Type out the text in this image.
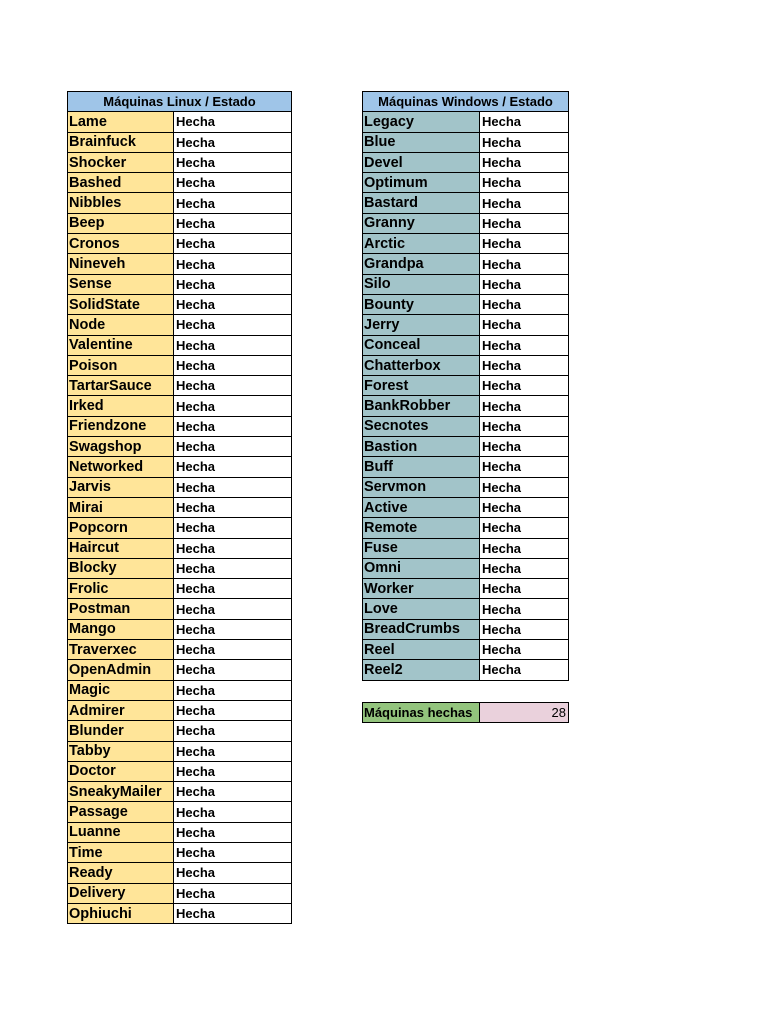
Máquinas Linux / Estado	
Lame	Hecha
Brainfuck	Hecha
Shocker	Hecha
Bashed	Hecha
Nibbles	Hecha
Beep	Hecha
Cronos	Hecha
Nineveh	Hecha
Sense	Hecha
SolidState	Hecha
Node	Hecha
Valentine	Hecha
Poison	Hecha
TartarSauce	Hecha
Irked	Hecha
Friendzone	Hecha
Swagshop	Hecha
Networked	Hecha
Jarvis	Hecha
Mirai	Hecha
Popcorn	Hecha
Haircut	Hecha
Blocky	Hecha
Frolic	Hecha
Postman	Hecha
Mango	Hecha
Traverxec	Hecha
OpenAdmin	Hecha
Magic	Hecha
Admirer	Hecha
Blunder	Hecha
Tabby	Hecha
Doctor	Hecha
SneakyMailer	Hecha
Passage	Hecha
Luanne	Hecha
Time	Hecha
Ready	Hecha
Delivery	Hecha
Ophiuchi	Hecha
Máquinas Windows / Estado	
Legacy	Hecha
Blue	Hecha
Devel	Hecha
Optimum	Hecha
Bastard	Hecha
Granny	Hecha
Arctic	Hecha
Grandpa	Hecha
Silo	Hecha
Bounty	Hecha
Jerry	Hecha
Conceal	Hecha
Chatterbox	Hecha
Forest	Hecha
BankRobber	Hecha
Secnotes	Hecha
Bastion	Hecha
Buff	Hecha
Servmon	Hecha
Active	Hecha
Remote	Hecha
Fuse	Hecha
Omni	Hecha
Worker	Hecha
Love	Hecha
BreadCrumbs	Hecha
Reel	Hecha
Reel2	Hecha
Máquinas hechas	28
